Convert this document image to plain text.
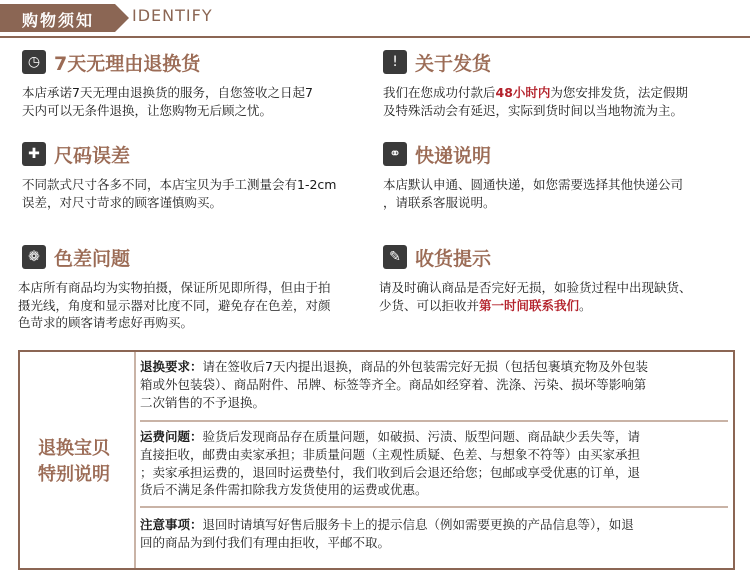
购物须知 IDENTIFY
◷ 7天无理由退换货
本店承诺7天无理由退换货的服务，自您签收之日起7
天内可以无条件退换，让您购物无后顾之忧。
! 关于发货
我们在您成功付款后48小时内为您安排发货，法定假期
及特殊活动会有延迟，实际到货时间以当地物流为主。
✚ 尺码误差
不同款式尺寸各多不同，本店宝贝为手工测量会有1-2cm
误差，对尺寸苛求的顾客谨慎购买。
⚭ 快递说明
本店默认申通、圆通快递，如您需要选择其他快递公司
，请联系客服说明。
❁ 色差问题
本店所有商品均为实物拍摄，保证所见即所得，但由于拍
摄光线，角度和显示器对比度不同，避免存在色差，对颜
色苛求的顾客请考虑好再购买。
✎ 收货提示
请及时确认商品是否完好无损，如验货过程中出现缺货、
少货、可以拒收并第一时间联系我们。
退换宝贝
特别说明
退换要求：请在签收后7天内提出退换，商品的外包装需完好无损（包括包裹填充物及外包装
箱或外包装袋）、商品附件、吊牌、标签等齐全。商品如经穿着、洗涤、污染、损坏等影响第
二次销售的不予退换。
运费问题：验货后发现商品存在质量问题，如破损、污渍、版型问题、商品缺少丢失等，请
直接拒收，邮费由卖家承担；非质量问题（主观性质疑、色差、与想象不符等）由买家承担
；卖家承担运费的，退回时运费垫付，我们收到后会退还给您；包邮或享受优惠的订单，退
货后不满足条件需扣除我方发货使用的运费或优惠。
注意事项：退回时请填写好售后服务卡上的提示信息（例如需要更换的产品信息等），如退
回的商品为到付我们有理由拒收，平邮不取。
